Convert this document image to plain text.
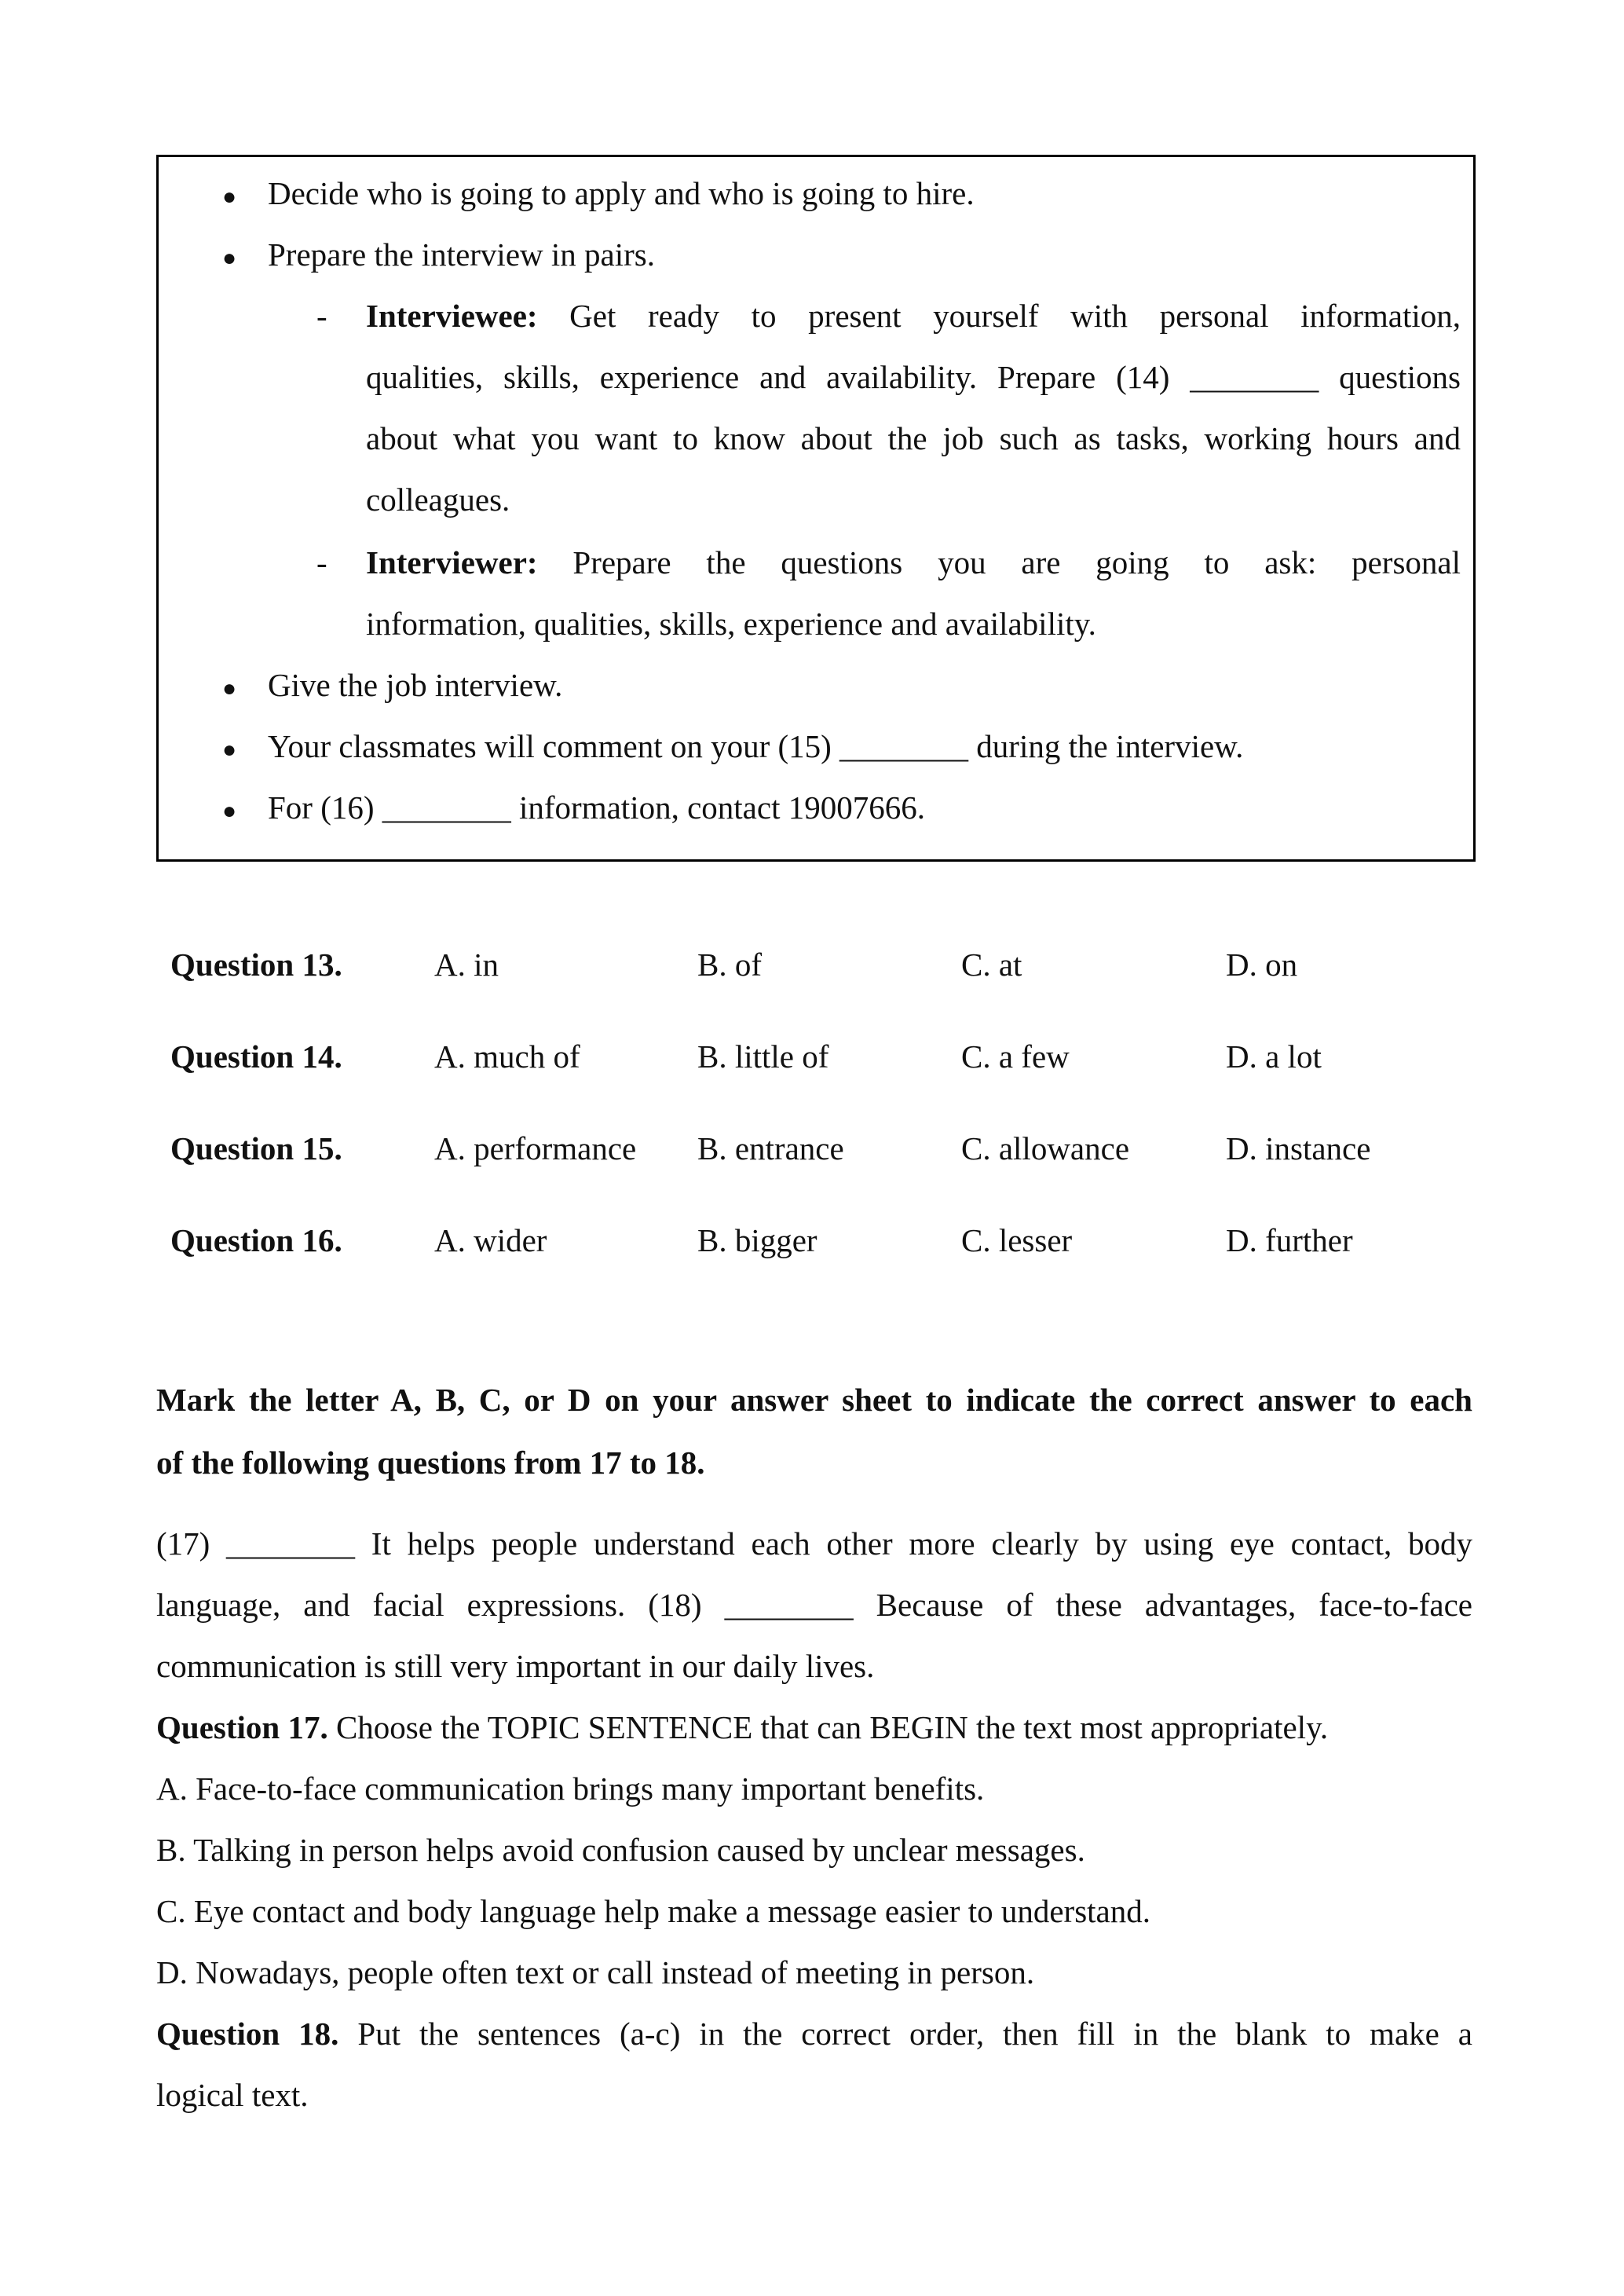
● Decide who is going to apply and who is going to hire.
● Prepare the interview in pairs.
- Interviewee: Get ready to present yourself with personal information,
qualities, skills, experience and availability. Prepare (14) ________ questions
about what you want to know about the job such as tasks, working hours and
colleagues.
- Interviewer: Prepare the questions you are going to ask: personal
information, qualities, skills, experience and availability.
● Give the job interview.
● Your classmates will comment on your (15) ________ during the interview.
● For (16) ________ information, contact 19007666.
Question 13.	A. in	B. of	C. at	D. on
Question 14.	A. much of	B. little of	C. a few	D. a lot
Question 15.	A. performance B. entrance	C. allowance	D. instance
Question 16.	A. wider	B. bigger	C. lesser	D. further
Mark the letter A, B, C, or D on your answer sheet to indicate the correct answer to each
of the following questions from 17 to 18.
(17) ________ It helps people understand each other more clearly by using eye contact, body
language, and facial expressions. (18) ________ Because of these advantages, face-to-face
communication is still very important in our daily lives.
Question 17. Choose the TOPIC SENTENCE that can BEGIN the text most appropriately.
A. Face-to-face communication brings many important benefits.
B. Talking in person helps avoid confusion caused by unclear messages.
C. Eye contact and body language help make a message easier to understand.
D. Nowadays, people often text or call instead of meeting in person.
Question 18. Put the sentences (a-c) in the correct order, then fill in the blank to make a
logical text.
